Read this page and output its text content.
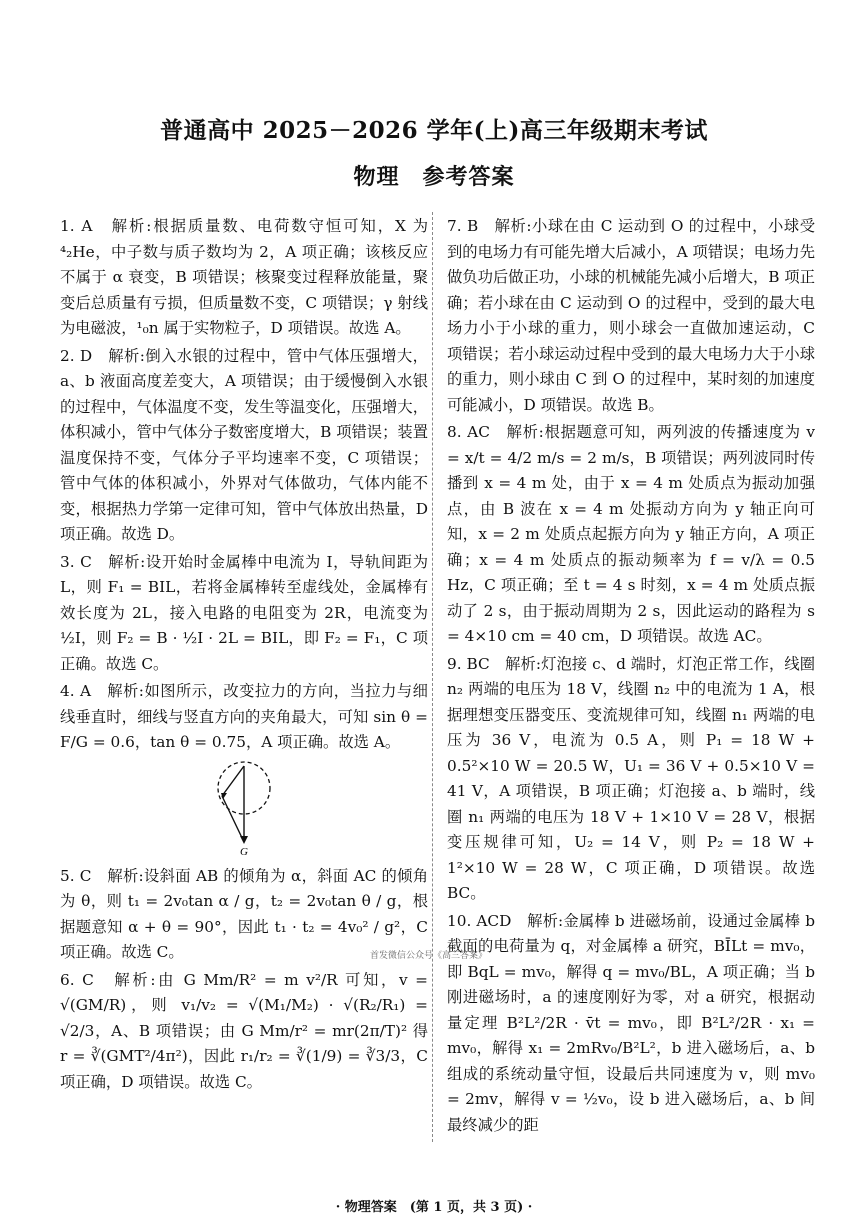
普通高中 2025－2026 学年(上)高三年级期末考试
物理　参考答案

1. A　解析:根据质量数、电荷数守恒可知，X 为 ⁴₂He，中子数与质子数均为 2，A 项正确；该核反应不属于 α 衰变，B 项错误；核聚变过程释放能量，聚变后总质量有亏损，但质量数不变，C 项错误；γ 射线为电磁波，¹₀n 属于实物粒子，D 项错误。故选 A。

2. D　解析:倒入水银的过程中，管中气体压强增大，a、b 液面高度差变大，A 项错误；由于缓慢倒入水银的过程中，气体温度不变，发生等温变化，压强增大，体积减小，管中气体分子数密度增大，B 项错误；装置温度保持不变，气体分子平均速率不变，C 项错误；管中气体的体积减小，外界对气体做功，气体内能不变，根据热力学第一定律可知，管中气体放出热量，D 项正确。故选 D。

3. C　解析:设开始时金属棒中电流为 I，导轨间距为 L，则 F₁ = BIL，若将金属棒转至虚线处，金属棒有效长度为 2L，接入电路的电阻变为 2R，电流变为 ½I，则 F₂ = B · ½I · 2L = BIL，即 F₂ = F₁，C 项正确。故选 C。

4. A　解析:如图所示，改变拉力的方向，当拉力与细线垂直时，细线与竖直方向的夹角最大，可知 sin θ = F/G = 0.6，tan θ = 0.75，A 项正确。故选 A。

G

5. C　解析:设斜面 AB 的倾角为 α，斜面 AC 的倾角为 θ，则 t₁ = 2v₀tan α / g，t₂ = 2v₀tan θ / g，根据题意知 α + θ = 90°，因此 t₁ · t₂ = 4v₀² / g²，C 项正确。故选 C。

6. C　解析:由 G Mm/R² = m v²/R 可知，v = √(GM/R)，则 v₁/v₂ = √(M₁/M₂) · √(R₂/R₁) = √2/3，A、B 项错误；由 G Mm/r² = mr(2π/T)² 得 r = ∛(GMT²/4π²)，因此 r₁/r₂ = ∛(1/9) = ∛3/3，C 项正确，D 项错误。故选 C。

7. B　解析:小球在由 C 运动到 O 的过程中，小球受到的电场力有可能先增大后减小，A 项错误；电场力先做负功后做正功，小球的机械能先减小后增大，B 项正确；若小球在由 C 运动到 O 的过程中，受到的最大电场力小于小球的重力，则小球会一直做加速运动，C 项错误；若小球运动过程中受到的最大电场力大于小球的重力，则小球由 C 到 O 的过程中，某时刻的加速度可能减小，D 项错误。故选 B。

8. AC　解析:根据题意可知，两列波的传播速度为 v = x/t = 4/2 m/s = 2 m/s，B 项错误；两列波同时传播到 x = 4 m 处，由于 x = 4 m 处质点为振动加强点，由 B 波在 x = 4 m 处振动方向为 y 轴正向可知，x = 2 m 处质点起振方向为 y 轴正方向，A 项正确；x = 4 m 处质点的振动频率为 f = v/λ = 0.5 Hz，C 项正确；至 t = 4 s 时刻，x = 4 m 处质点振动了 2 s，由于振动周期为 2 s，因此运动的路程为 s = 4×10 cm = 40 cm，D 项错误。故选 AC。

9. BC　解析:灯泡接 c、d 端时，灯泡正常工作，线圈 n₂ 两端的电压为 18 V，线圈 n₂ 中的电流为 1 A，根据理想变压器变压、变流规律可知，线圈 n₁ 两端的电压为 36 V，电流为 0.5 A，则 P₁ = 18 W + 0.5²×10 W = 20.5 W，U₁ = 36 V + 0.5×10 V = 41 V，A 项错误，B 项正确；灯泡接 a、b 端时，线圈 n₁ 两端的电压为 18 V + 1×10 V = 28 V，根据变压规律可知，U₂ = 14 V，则 P₂ = 18 W + 1²×10 W = 28 W，C 项正确，D 项错误。故选 BC。

10. ACD　解析:金属棒 b 进磁场前，设通过金属棒 b 截面的电荷量为 q，对金属棒 a 研究，BĪLt = mv₀，即 BqL = mv₀，解得 q = mv₀/BL，A 项正确；当 b 刚进磁场时，a 的速度刚好为零，对 a 研究，根据动量定理 B²L²/2R · v̄t = mv₀，即 B²L²/2R · x₁ = mv₀，解得 x₁ = 2mRv₀/B²L²，b 进入磁场后，a、b 组成的系统动量守恒，设最后共同速度为 v，则 mv₀ = 2mv，解得 v = ½v₀，设 b 进入磁场后，a、b 间最终减少的距

首发微信公众号《高三答案》
· 物理答案　(第 1 页，共 3 页) ·
